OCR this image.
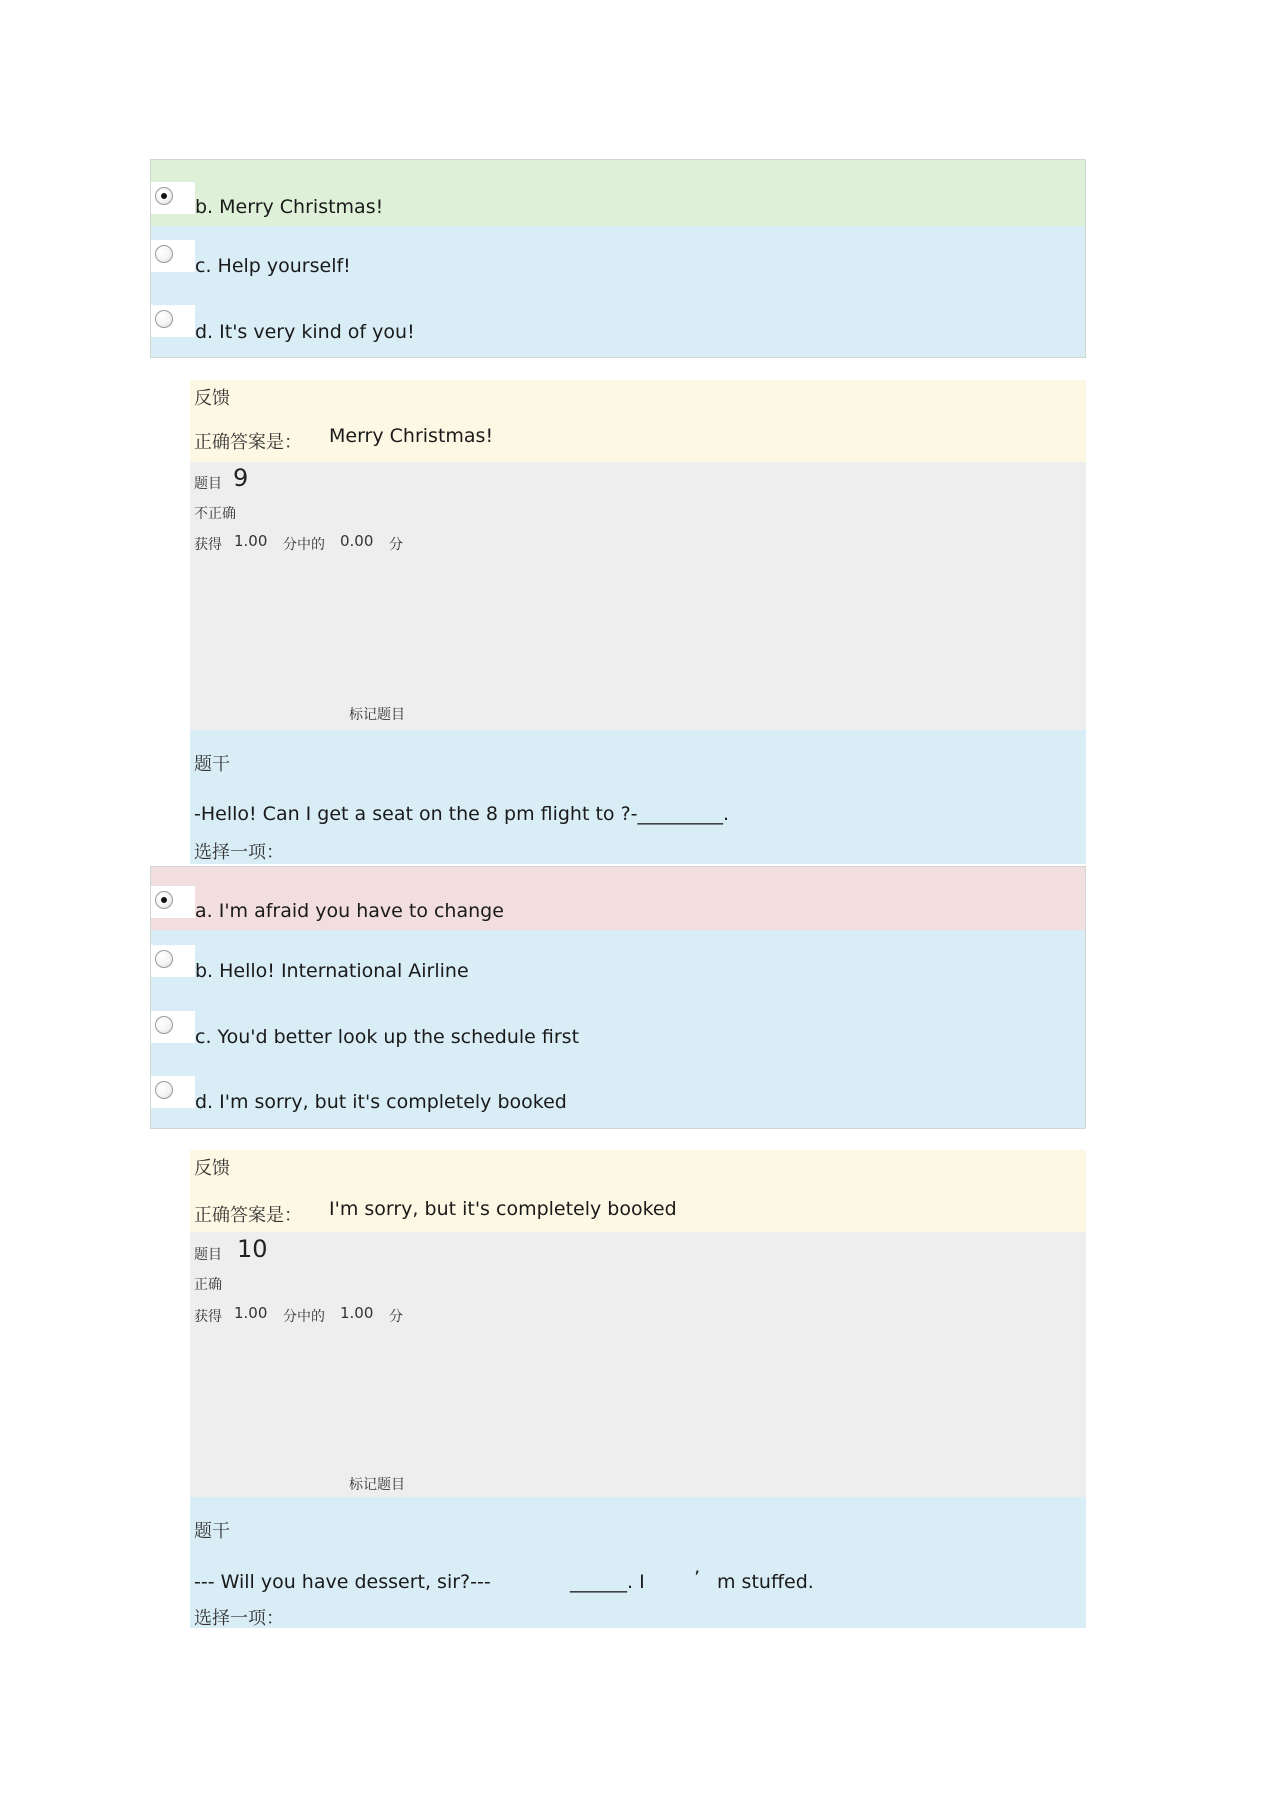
b. Merry Christmas!
c. Help yourself!
d. It's very kind of you!
反馈
正确答案是： Merry Christmas!
题目 9
不正确
获得 1.00 分中的 0.00 分
标记题目
题干
-Hello! Can I get a seat on the 8 pm flight to ?-_________.
选择一项：
a. I'm afraid you have to change
b. Hello! International Airline
c. You'd better look up the schedule first
d. I'm sorry, but it's completely booked
反馈
正确答案是： I'm sorry, but it's completely booked
题目 10
正确
获得 1.00 分中的 1.00 分
标记题目
题干
--- Will you have dessert, sir?---	______. I	’ m stuffed.
选择一项：
